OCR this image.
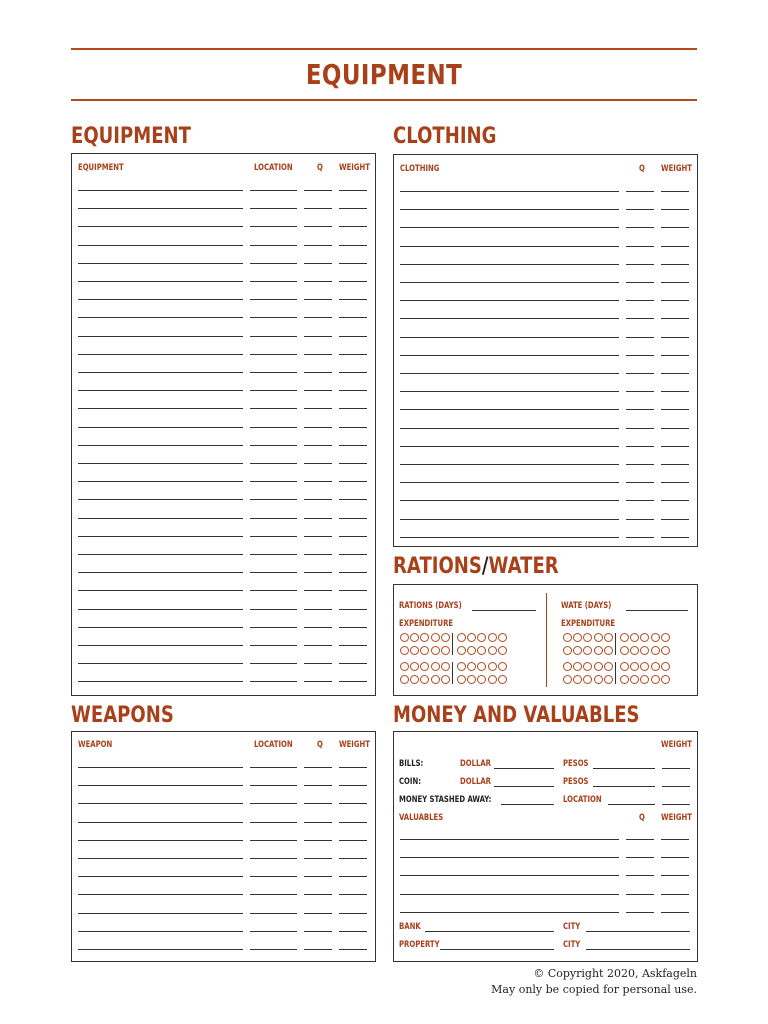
EQUIPMENT
EQUIPMENT
EQUIPMENT	LOCATION	Q WEIGHT
CLOTHING
CLOTHING	Q WEIGHT
RATIONS/WATER
RATIONS (DAYS)
EXPENDITURE
WATE (DAYS)
EXPENDITURE
WEAPONS
WEAPON	LOCATION	Q WEIGHT
MONEY AND VALUABLES
WEIGHT
BILLS:	DOLLAR	PESOS
COIN:	DOLLAR	PESOS
MONEY STASHED AWAY:	LOCATION
VALUABLES	Q WEIGHT
BANK	CITY
PROPERTY	CITY
© Copyright 2020, Askfageln
May only be copied for personal use.
